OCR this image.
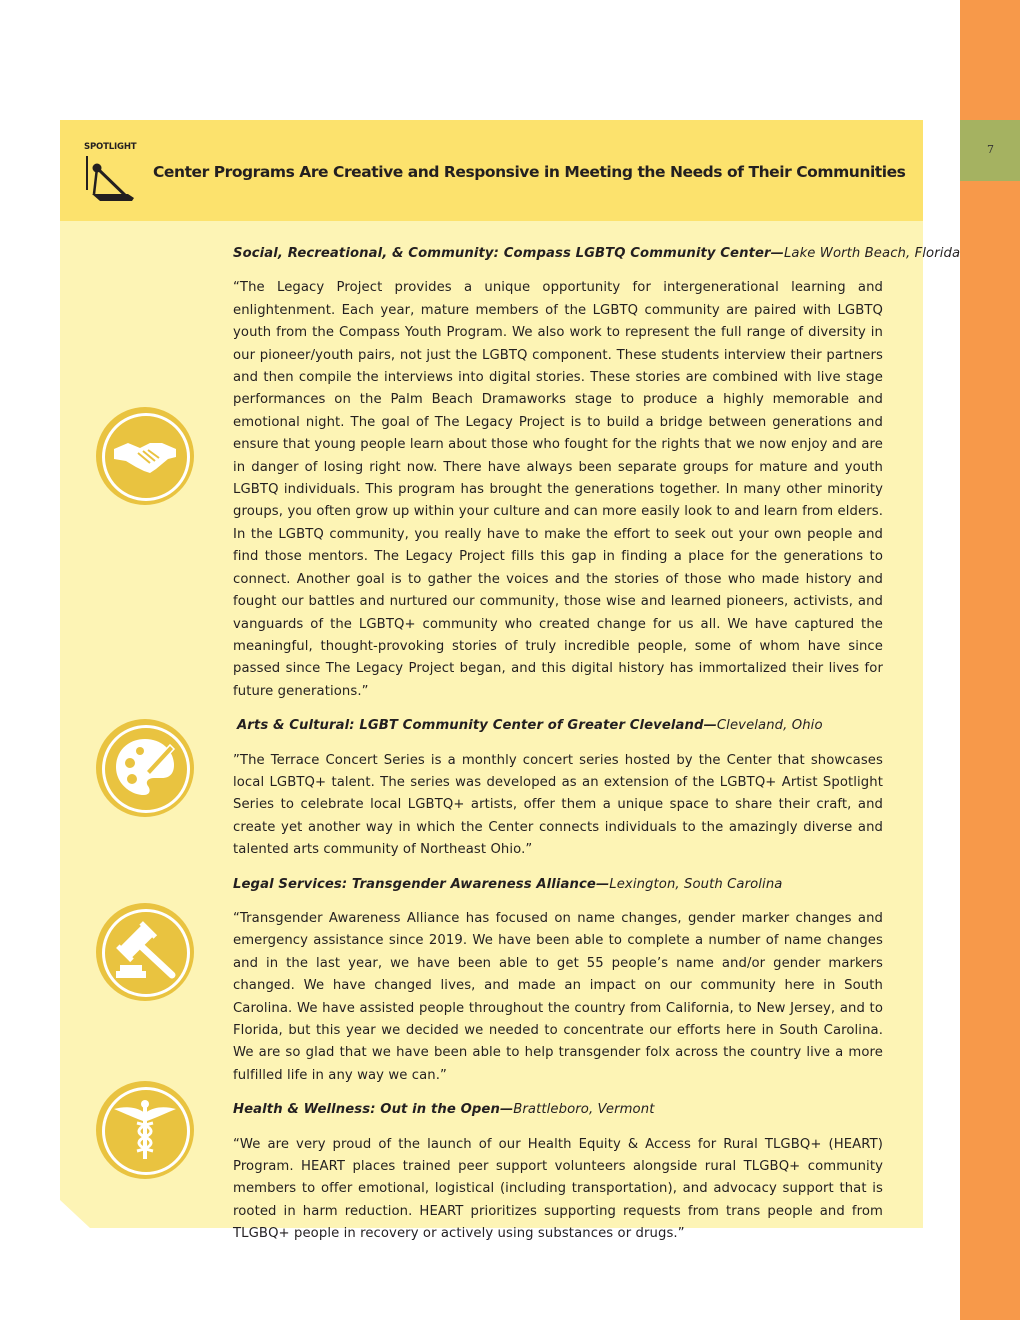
7
SPOTLIGHT
Center Programs Are Creative and Responsive in Meeting the Needs of Their Communities

Social, Recreational, & Community: Compass LGBTQ Community Center—Lake Worth Beach, Florida

“The Legacy Project provides a unique opportunity for intergenerational learning and enlightenment. Each year, mature members of the LGBTQ community are paired with LGBTQ youth from the Compass Youth Program. We also work to represent the full range of diversity in our pioneer/youth pairs, not just the LGBTQ component. These students interview their partners and then compile the interviews into digital stories. These stories are combined with live stage performances on the Palm Beach Dramaworks stage to produce a highly memorable and emotional night. The goal of The Legacy Project is to build a bridge between generations and ensure that young people learn about those who fought for the rights that we now enjoy and are in danger of losing right now. There have always been separate groups for mature and youth LGBTQ individuals. This program has brought the generations together. In many other minority groups, you often grow up within your culture and can more easily look to and learn from elders. In the LGBTQ community, you really have to make the effort to seek out your own people and find those mentors. The Legacy Project fills this gap in finding a place for the generations to connect. Another goal is to gather the voices and the stories of those who made history and fought our battles and nurtured our community, those wise and learned pioneers, activists, and vanguards of the LGBTQ+ community who created change for us all. We have captured the meaningful, thought-provoking stories of truly incredible people, some of whom have since passed since The Legacy Project began, and this digital history has immortalized their lives for future generations.”

Arts & Cultural: LGBT Community Center of Greater Cleveland—Cleveland, Ohio

”The Terrace Concert Series is a monthly concert series hosted by the Center that showcases local LGBTQ+ talent. The series was developed as an extension of the LGBTQ+ Artist Spotlight Series to celebrate local LGBTQ+ artists, offer them a unique space to share their craft, and create yet another way in which the Center connects individuals to the amazingly diverse and talented arts community of Northeast Ohio.”

Legal Services: Transgender Awareness Alliance—Lexington, South Carolina

“Transgender Awareness Alliance has focused on name changes, gender marker changes and emergency assistance since 2019. We have been able to complete a number of name changes and in the last year, we have been able to get 55 people’s name and/or gender markers changed. We have changed lives, and made an impact on our community here in South Carolina. We have assisted people throughout the country from California, to New Jersey, and to Florida, but this year we decided we needed to concentrate our efforts here in South Carolina. We are so glad that we have been able to help transgender folx across the country live a more fulfilled life in any way we can.”

Health & Wellness: Out in the Open—Brattleboro, Vermont

“We are very proud of the launch of our Health Equity & Access for Rural TLGBQ+ (HEART) Program. HEART places trained peer support volunteers alongside rural TLGBQ+ community members to offer emotional, logistical (including transportation), and advocacy support that is rooted in harm reduction. HEART prioritizes supporting requests from trans people and from TLGBQ+ people in recovery or actively using substances or drugs.”
